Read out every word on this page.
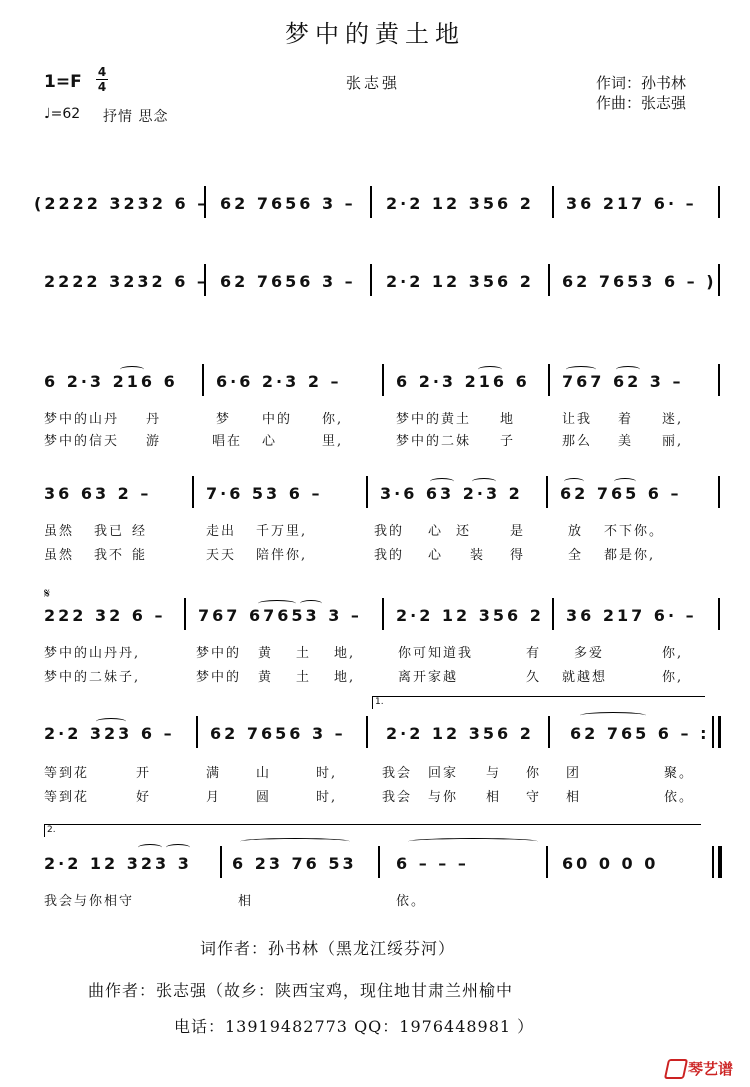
梦中的黄土地
1=F 4
4	张志强	作词：孙书林
作曲：张志强
♩=62 抒情 思念
(2222 3232 6 – 62 7656 3 – 2·2 12 356 2 36 217 6· –
2222 3232 6 – 62 7656 3 – 2·2 12 356 2 62 7653 6 – )
6 2·3 216 6 6·6 2·3 2 –	6 2·3 216 6 767 62 3 –
梦中的山丹 丹	梦 中的 你,	梦中的黄土 地	让我 着 迷,
梦中的信天 游	唱在 心	里,	梦中的二妹 子	那么 美 丽,
36 63 2 –	7·6 53 6 –	3·6 63 2·3 2 62 765 6 –
虽然 我已 经	走出 千万里,	我的 心 还	是	放 不下你。
虽然 我不 能	天天 陪伴你,	我的 心 装 得	全 都是你,
𝄋
222 32 6 – 767 67653 3 – 2·2 12 356 2 36 217 6· –
梦中的山丹丹,	梦中的 黄 土 地,	你可知道我	有	多爱	你,
梦中的二妹子,	梦中的 黄 土 地,	离开家越	久 就越想	你,
1.
2·2 323 6 – 62 7656 3 –	2·2 12 356 2 62 765 6 – :
等到花	开	满	山	时,	我会 回家 与 你 团	聚。
等到花	好	月	圆	时,	我会 与你 相 守 相	依。
2.
2·2 12 323 3	6 23 76 53 6 – – –	60 0 0 0
我会与你相守	相	依。
词作者：孙书林（黑龙江绥芬河）
曲作者：张志强（故乡：陕西宝鸡，现住地甘肃兰州榆中
电话：13919482773 QQ：1976448981 ）
琴艺谱
